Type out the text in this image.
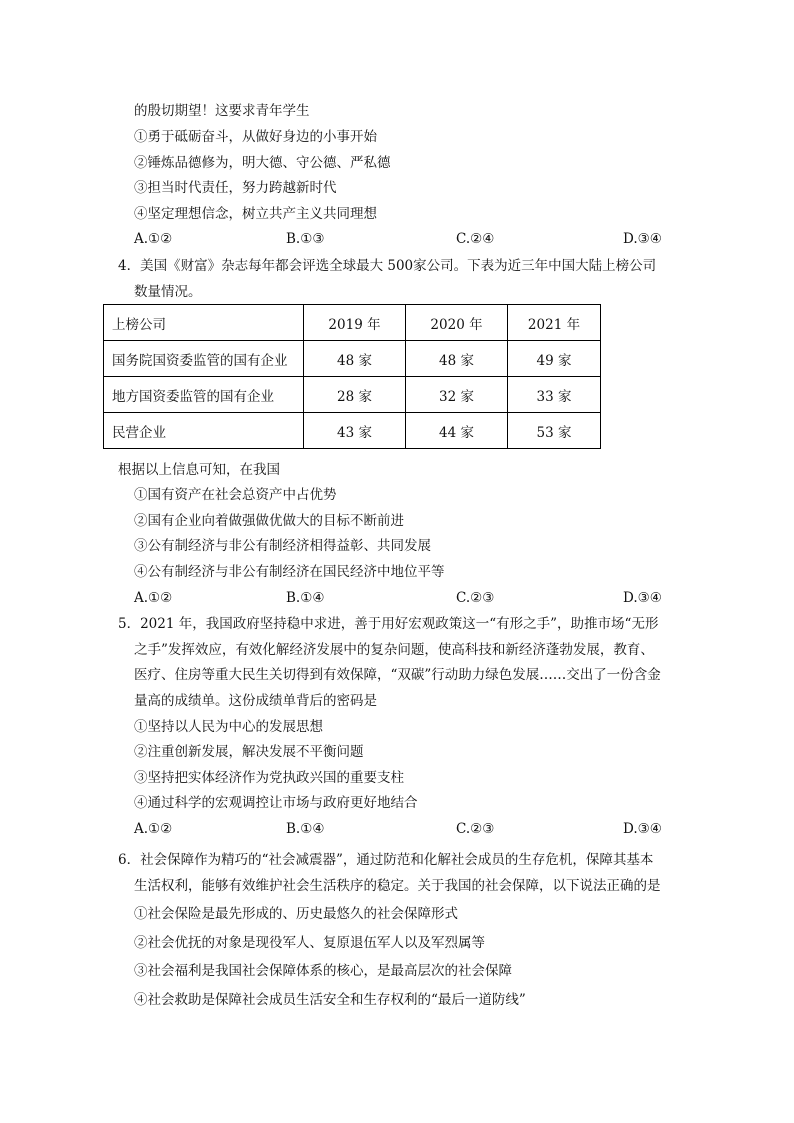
的殷切期望！这要求青年学生
①勇于砥砺奋斗，从做好身边的小事开始
②锤炼品德修为，明大德、守公德、严私德
③担当时代责任，努力跨越新时代
④坚定理想信念，树立共产主义共同理想
A.①②	B.①③	C.②④	D.③④
4．美国《财富》杂志每年都会评选全球最大 500家公司。下表为近三年中国大陆上榜公司
数量情况。
上榜公司	2019 年	2020 年	2021 年
国务院国资委监管的国有企业	48 家	48 家	49 家
地方国资委监管的国有企业	28 家	32 家	33 家
民营企业	43 家	44 家	53 家
根据以上信息可知，在我国
①国有资产在社会总资产中占优势
②国有企业向着做强做优做大的目标不断前进
③公有制经济与非公有制经济相得益彰、共同发展
④公有制经济与非公有制经济在国民经济中地位平等
A.①②	B.①④	C.②③	D.③④
5．2021 年，我国政府坚持稳中求进，善于用好宏观政策这一“有形之手”，助推市场“无形
之手”发挥效应，有效化解经济发展中的复杂问题，使高科技和新经济蓬勃发展，教育、
医疗、住房等重大民生关切得到有效保障，“双碳”行动助力绿色发展……交出了一份含金
量高的成绩单。这份成绩单背后的密码是
①坚持以人民为中心的发展思想
②注重创新发展，解决发展不平衡问题
③坚持把实体经济作为党执政兴国的重要支柱
④通过科学的宏观调控让市场与政府更好地结合
A.①②	B.①④	C.②③	D.③④
6．社会保障作为精巧的“社会减震器”，通过防范和化解社会成员的生存危机，保障其基本
生活权利，能够有效维护社会生活秩序的稳定。关于我国的社会保障，以下说法正确的是
①社会保险是最先形成的、历史最悠久的社会保障形式
②社会优抚的对象是现役军人、复原退伍军人以及军烈属等
③社会福利是我国社会保障体系的核心，是最高层次的社会保障
④社会救助是保障社会成员生活安全和生存权利的“最后一道防线”
